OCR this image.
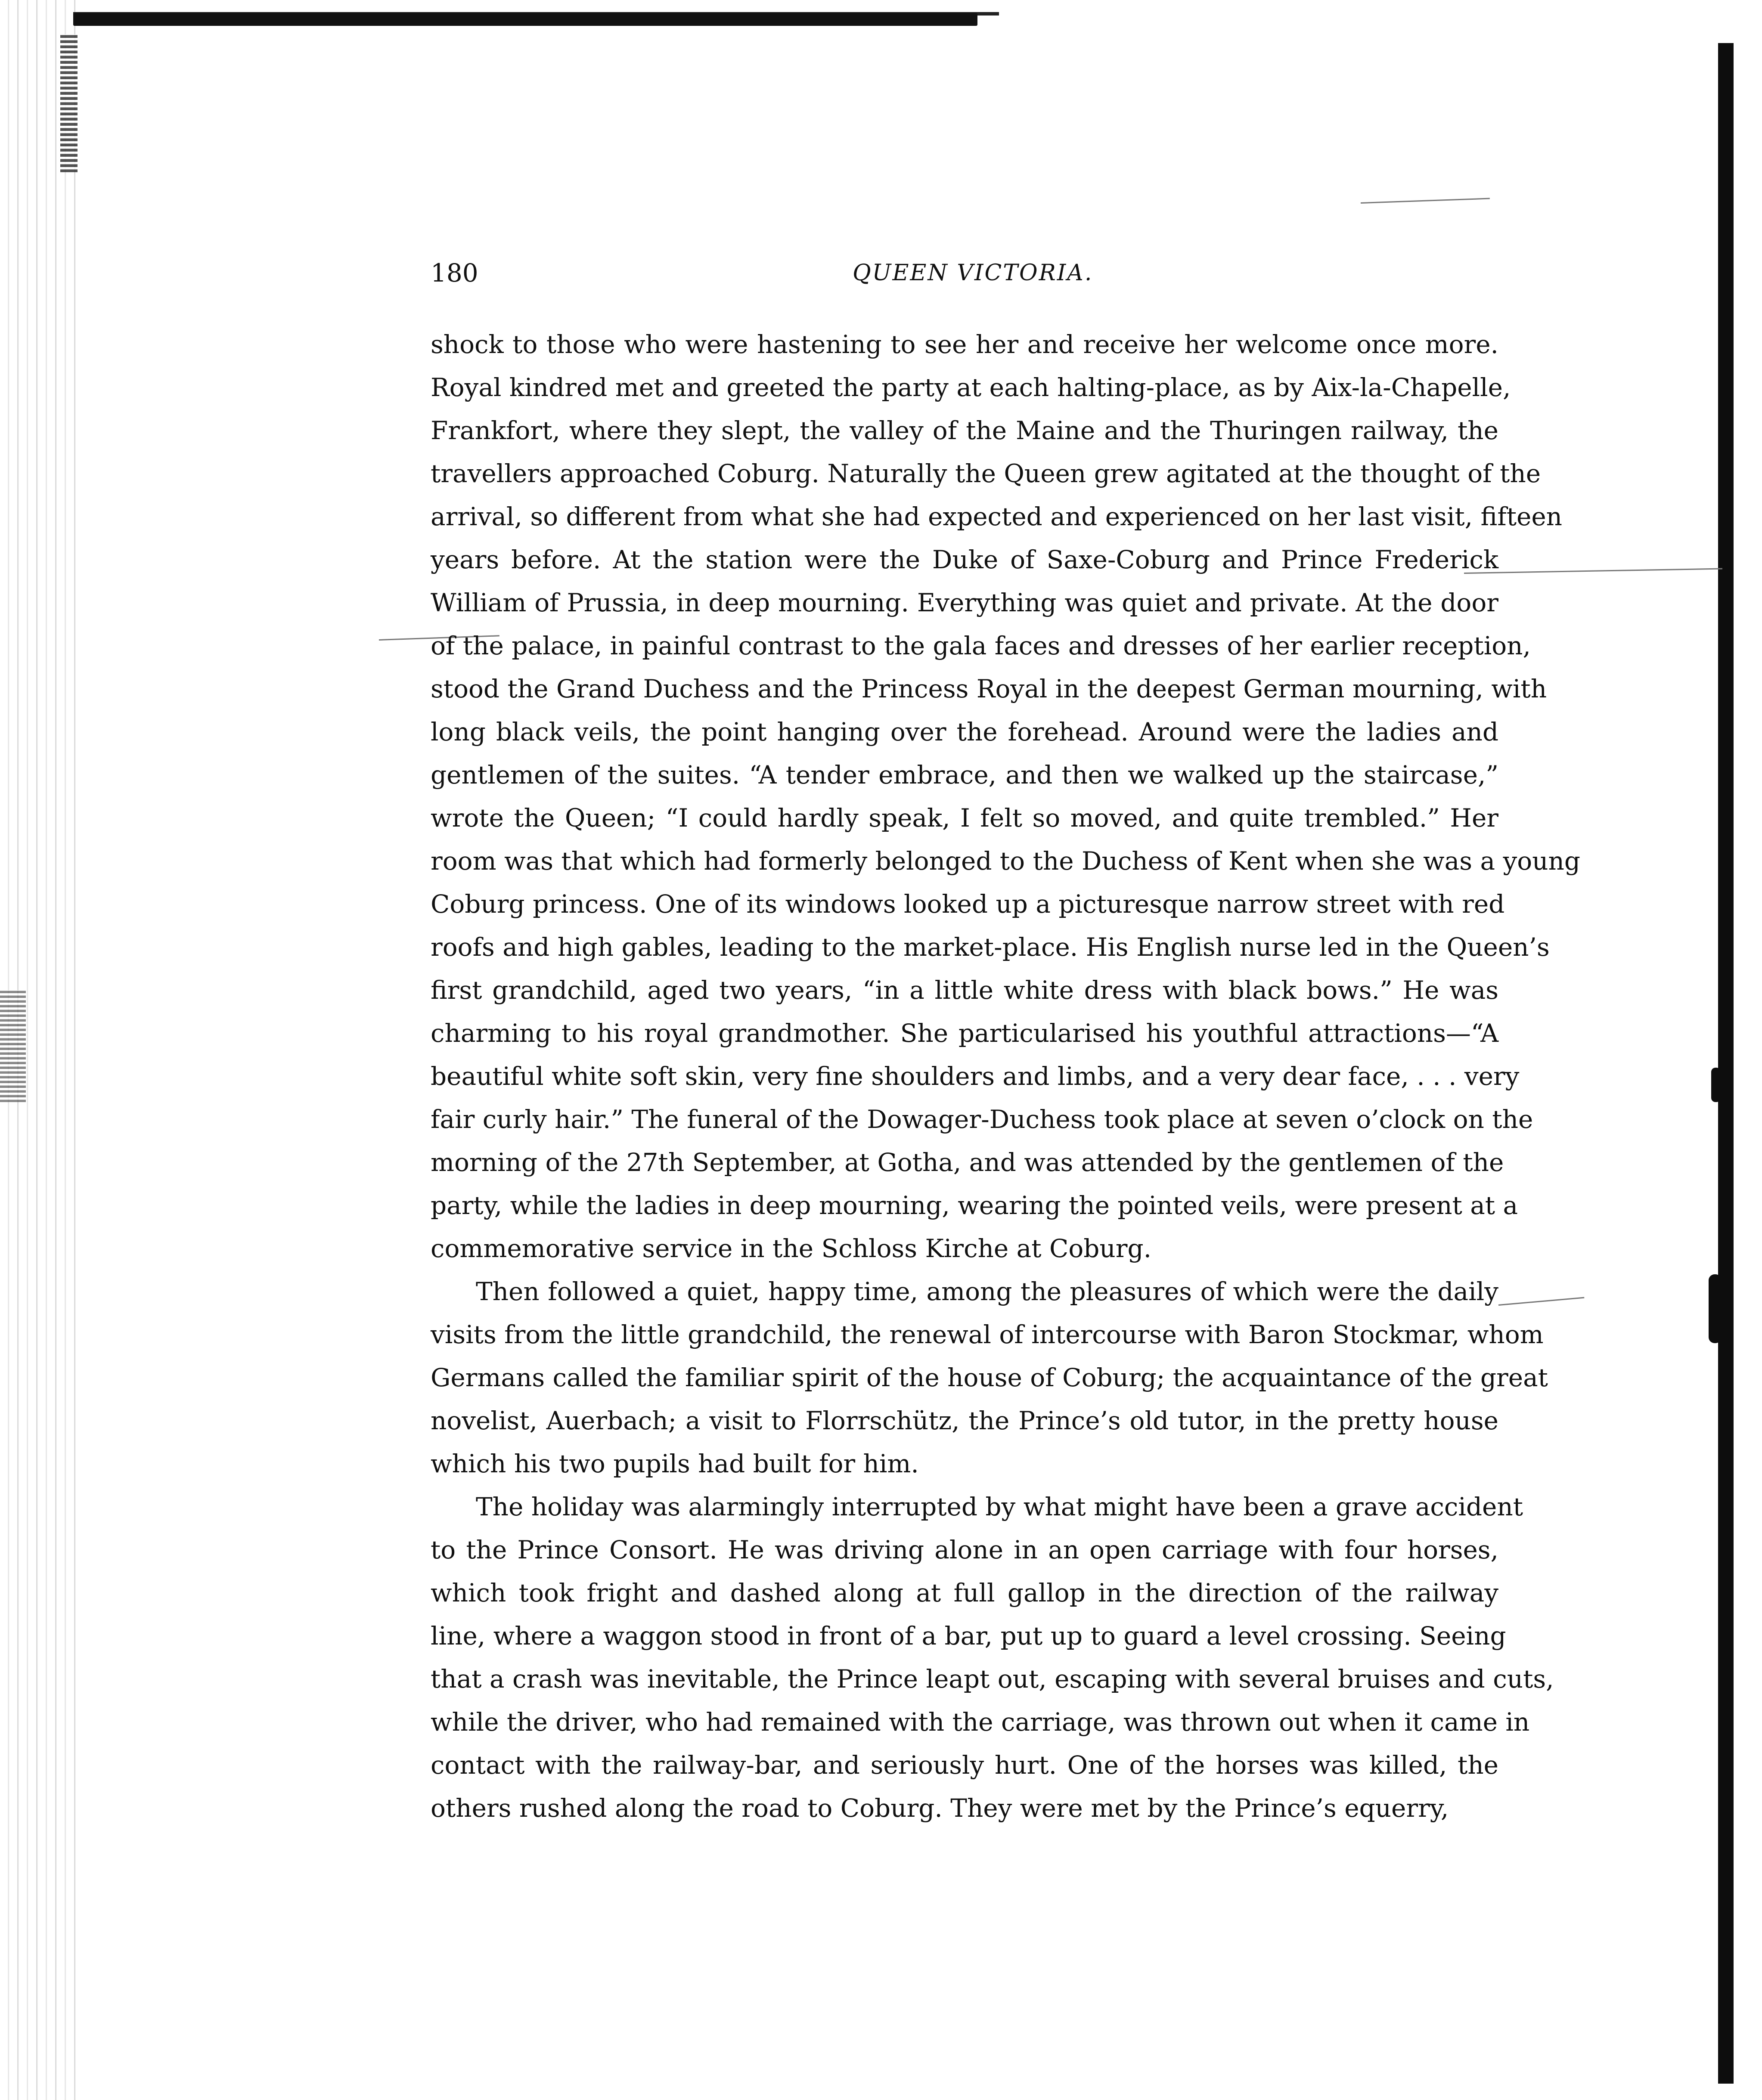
180	QUEEN VICTORIA.
shock to those who were hastening to see her and receive her welcome once more.
Royal kindred met and greeted the party at each halting-place, as by Aix-la-Chapelle,
Frankfort, where they slept, the valley of the Maine and the Thuringen railway, the
travellers approached Coburg. Naturally the Queen grew agitated at the thought of the
arrival, so different from what she had expected and experienced on her last visit, fifteen
years before. At the station were the Duke of Saxe-Coburg and Prince Frederick
William of Prussia, in deep mourning. Everything was quiet and private. At the door
of the palace, in painful contrast to the gala faces and dresses of her earlier reception,
stood the Grand Duchess and the Princess Royal in the deepest German mourning, with
long black veils, the point hanging over the forehead. Around were the ladies and
gentlemen of the suites. “A tender embrace, and then we walked up the staircase,”
wrote the Queen; “I could hardly speak, I felt so moved, and quite trembled.” Her
room was that which had formerly belonged to the Duchess of Kent when she was a young
Coburg princess. One of its windows looked up a picturesque narrow street with red
roofs and high gables, leading to the market-place. His English nurse led in the Queen’s
first grandchild, aged two years, “in a little white dress with black bows.” He was
charming to his royal grandmother. She particularised his youthful attractions—“A
beautiful white soft skin, very fine shoulders and limbs, and a very dear face, . . . very
fair curly hair.” The funeral of the Dowager-Duchess took place at seven o’clock on the
morning of the 27th September, at Gotha, and was attended by the gentlemen of the
party, while the ladies in deep mourning, wearing the pointed veils, were present at a
commemorative service in the Schloss Kirche at Coburg.
Then followed a quiet, happy time, among the pleasures of which were the daily
visits from the little grandchild, the renewal of intercourse with Baron Stockmar, whom
Germans called the familiar spirit of the house of Coburg; the acquaintance of the great
novelist, Auerbach; a visit to Florrschütz, the Prince’s old tutor, in the pretty house
which his two pupils had built for him.
The holiday was alarmingly interrupted by what might have been a grave accident
to the Prince Consort. He was driving alone in an open carriage with four horses,
which took fright and dashed along at full gallop in the direction of the railway
line, where a waggon stood in front of a bar, put up to guard a level crossing. Seeing
that a crash was inevitable, the Prince leapt out, escaping with several bruises and cuts,
while the driver, who had remained with the carriage, was thrown out when it came in
contact with the railway-bar, and seriously hurt. One of the horses was killed, the
others rushed along the road to Coburg. They were met by the Prince’s equerry,
